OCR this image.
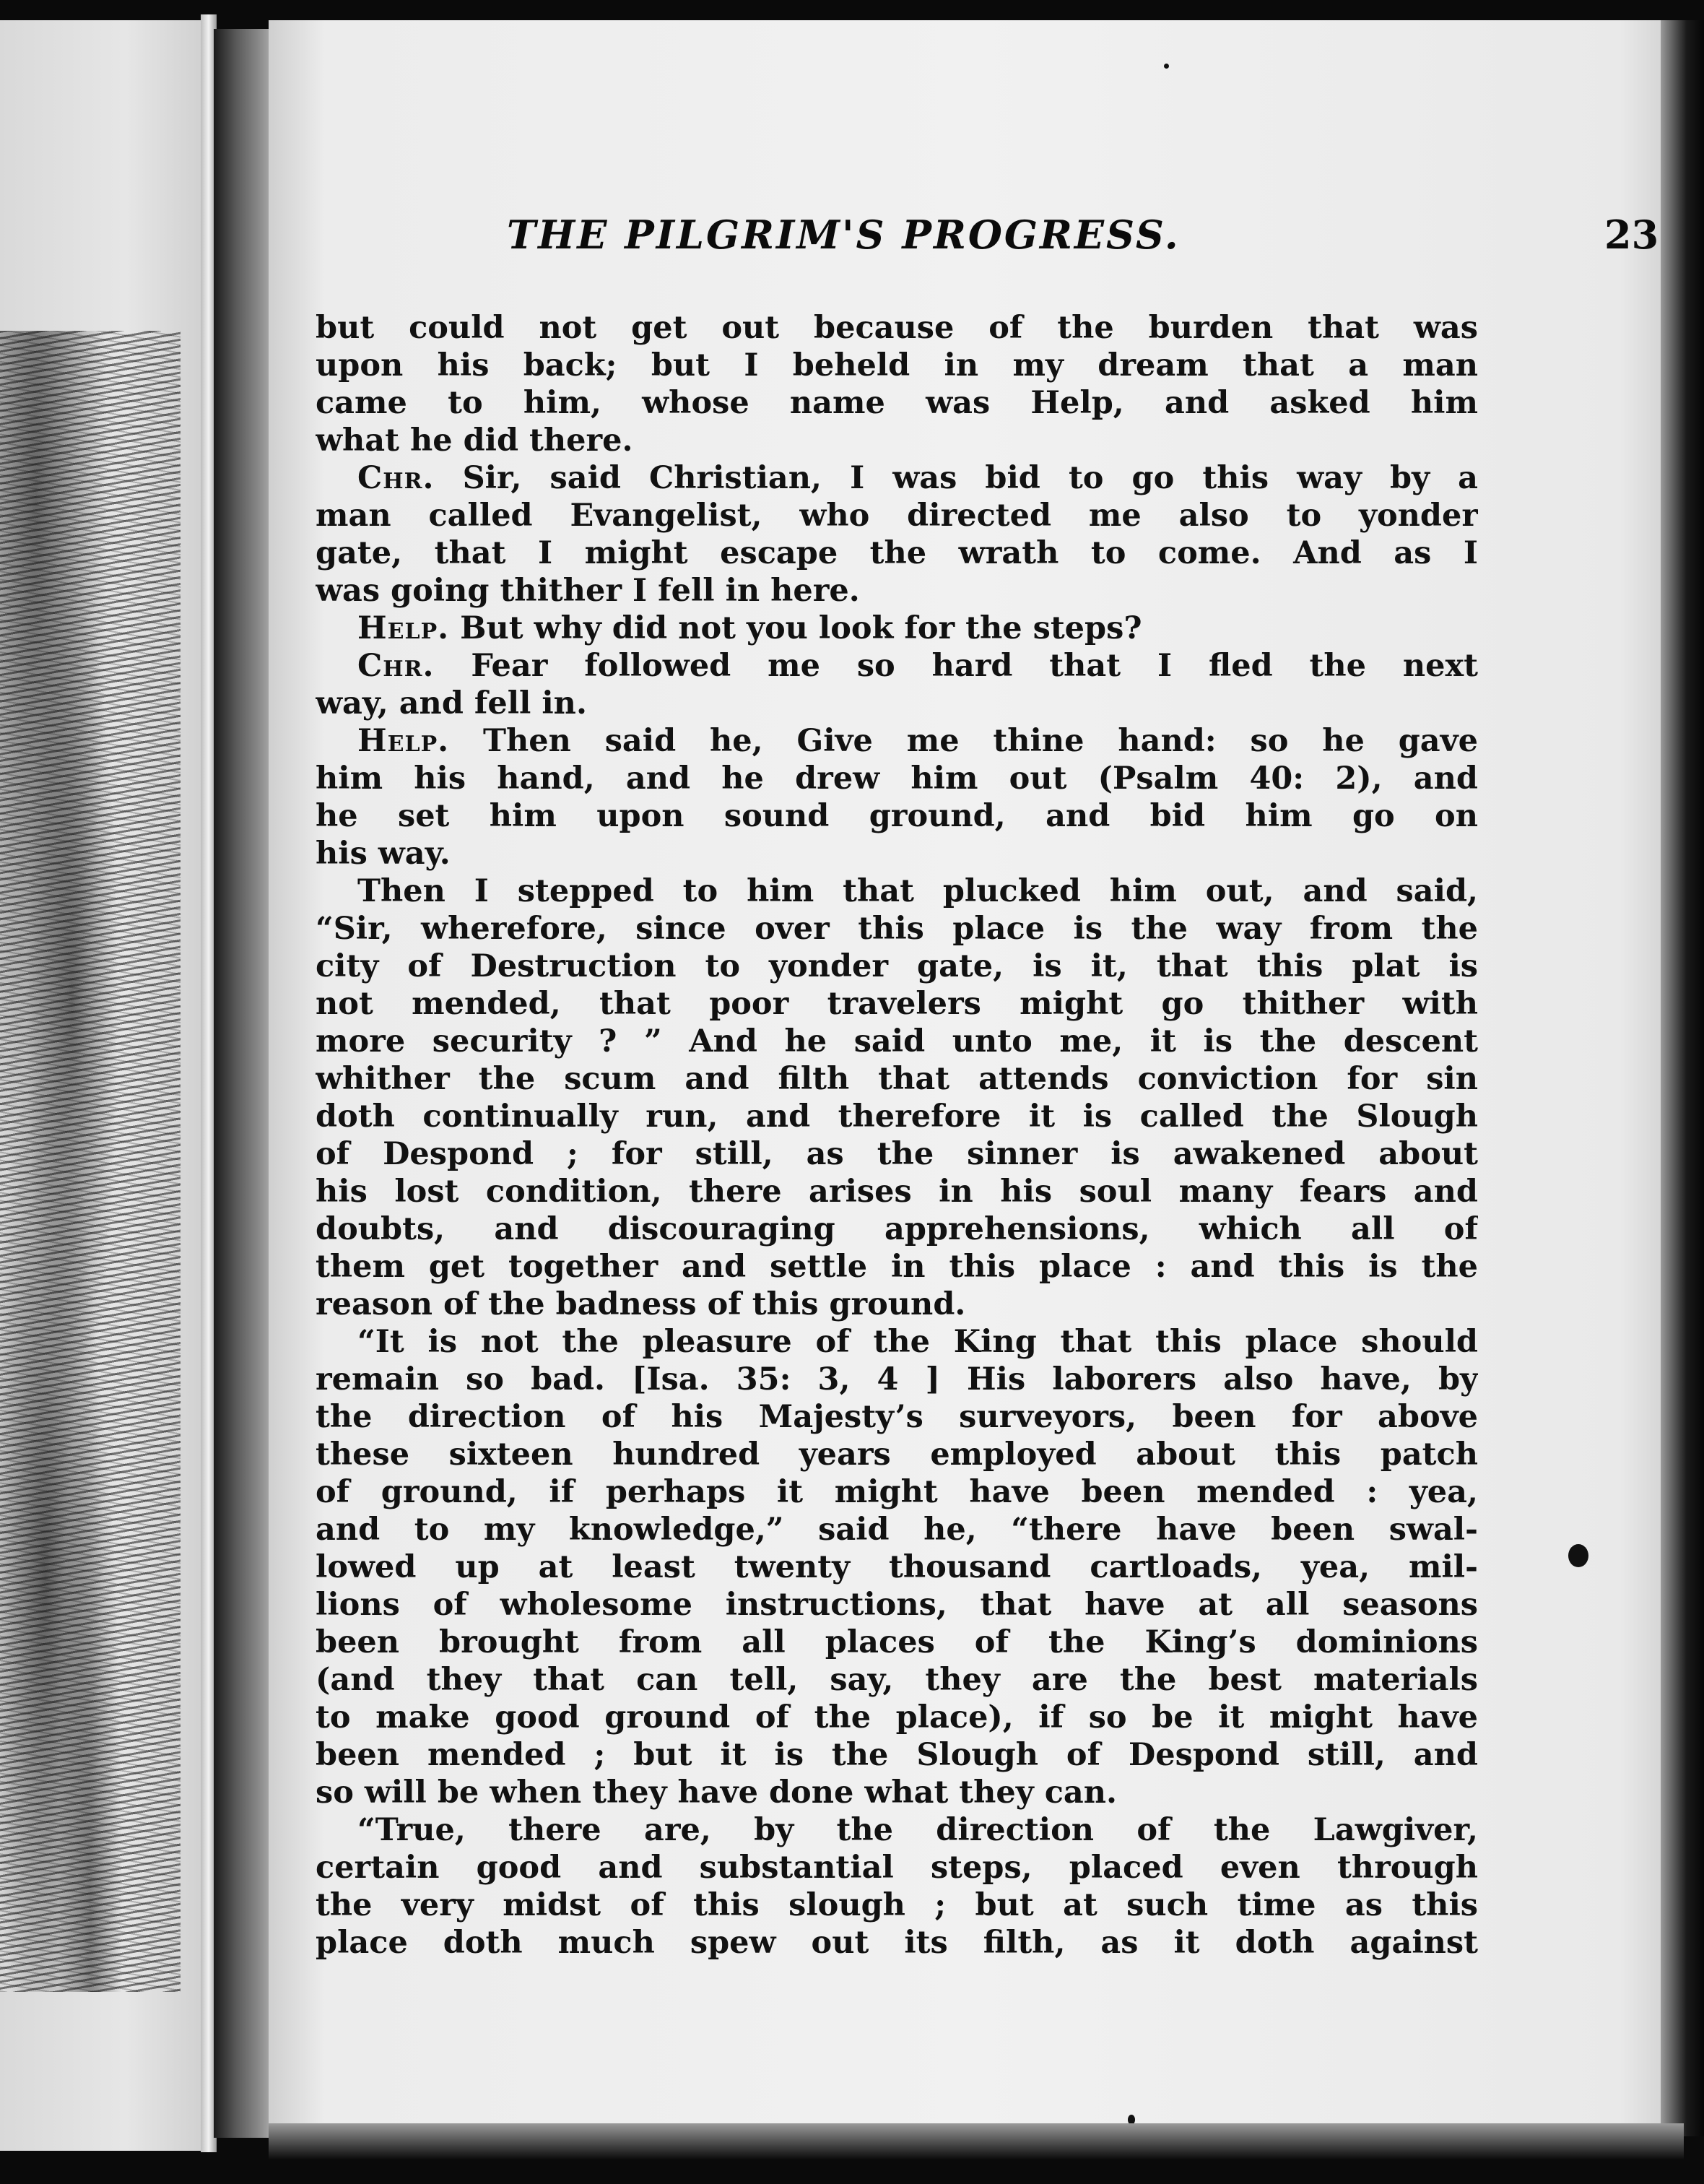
THE PILGRIM'S PROGRESS.	23
but could not get out because of the burden that was
upon his back; but I beheld in my dream that a man
came to him, whose name was Help, and asked him
what he did there.
Chr. Sir, said Christian, I was bid to go this way by a
man called Evangelist, who directed me also to yonder
gate, that I might escape the wrath to come. And as I
was going thither I fell in here.
Help. But why did not you look for the steps?
Chr. Fear followed me so hard that I fled the next
way, and fell in.
Help. Then said he, Give me thine hand: so he gave
him his hand, and he drew him out (Psalm 40: 2), and
he set him upon sound ground, and bid him go on
his way.
Then I stepped to him that plucked him out, and said,
“Sir, wherefore, since over this place is the way from the
city of Destruction to yonder gate, is it, that this plat is
not mended, that poor travelers might go thither with
more security ? ” And he said unto me, it is the descent
whither the scum and filth that attends conviction for sin
doth continually run, and therefore it is called the Slough
of Despond ; for still, as the sinner is awakened about
his lost condition, there arises in his soul many fears and
doubts, and discouraging apprehensions, which all of
them get together and settle in this place : and this is the
reason of the badness of this ground.
“It is not the pleasure of the King that this place should
remain so bad. [Isa. 35: 3, 4 ] His laborers also have, by
the direction of his Majesty’s surveyors, been for above
these sixteen hundred years employed about this patch
of ground, if perhaps it might have been mended : yea,
and to my knowledge,” said he, “there have been swal-
lowed up at least twenty thousand cartloads, yea, mil-
lions of wholesome instructions, that have at all seasons
been brought from all places of the King’s dominions
(and they that can tell, say, they are the best materials
to make good ground of the place), if so be it might have
been mended ; but it is the Slough of Despond still, and
so will be when they have done what they can.
“True, there are, by the direction of the Lawgiver,
certain good and substantial steps, placed even through
the very midst of this slough ; but at such time as this
place doth much spew out its filth, as it doth against
